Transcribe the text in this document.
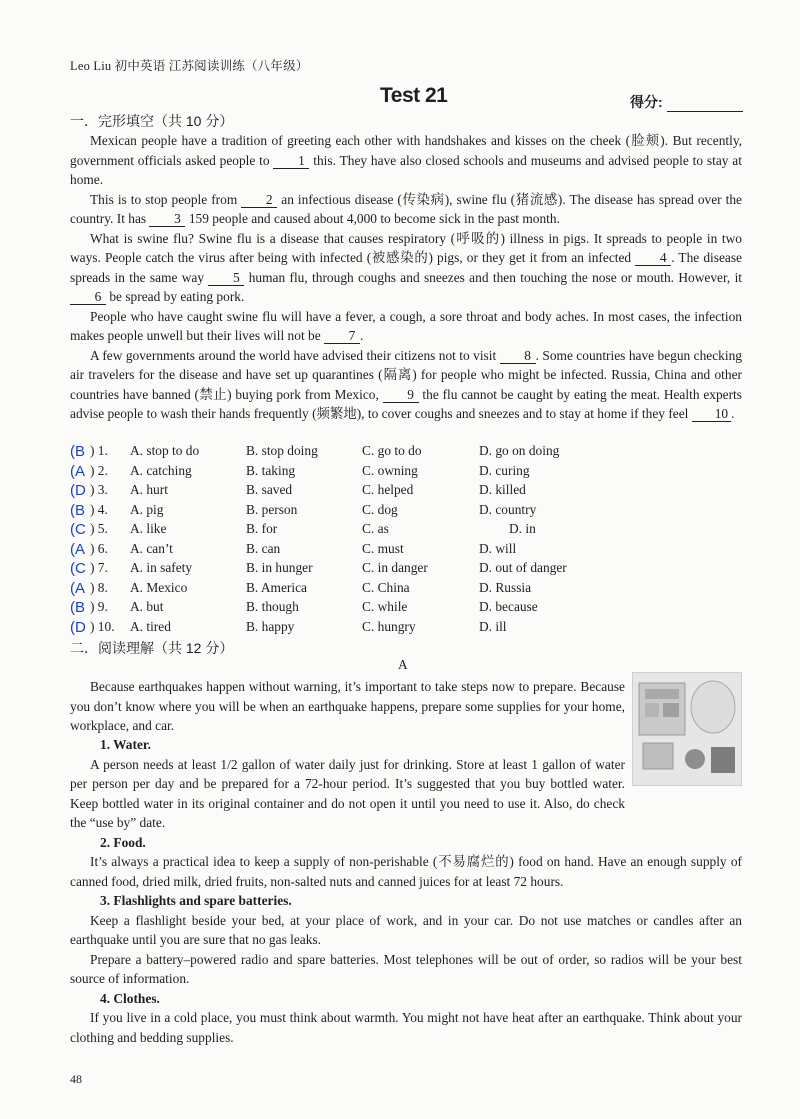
Leo Liu 初中英语 江苏阅读训练（八年级）
Test 21	得分:
一．完形填空（共 10 分）

Mexican people have a tradition of greeting each other with handshakes and kisses on the cheek (脸颊). But recently, government officials asked people to 1 this. They have also closed schools and museums and advised people to stay at home.

This is to stop people from 2 an infectious disease (传染病), swine flu (猪流感). The disease has spread over the country. It has 3 159 people and caused about 4,000 to become sick in the past month.

What is swine flu? Swine flu is a disease that causes respiratory (呼吸的) illness in pigs. It spreads to people in two ways. People catch the virus after being with infected (被感染的) pigs, or they get it from an infected 4 . The disease spreads in the same way 5 human flu, through coughs and sneezes and then touching the nose or mouth. However, it 6 be spread by eating pork.

People who have caught swine flu will have a fever, a cough, a sore throat and body aches. In most cases, the infection makes people unwell but their lives will not be 7 .

A few governments around the world have advised their citizens not to visit 8 . Some countries have begun checking air travelers for the disease and have set up quarantines (隔离) for people who might be infected. Russia, China and other countries have banned (禁止) buying pork from Mexico, 9 the flu cannot be caught by eating the meat. Health experts advise people to wash their hands frequently (频繁地), to cover coughs and sneezes and to stay at home if they feel 10 .

(B ) 1. A. stop to do	B. stop doing	C. go to do	D. go on doing
(A ) 2. A. catching	B. taking	C. owning	D. curing
(D ) 3. A. hurt	B. saved	C. helped	D. killed
(B ) 4. A. pig	B. person	C. dog	D. country
(C ) 5. A. like	B. for	C. as	D. in
(A ) 6. A. can’t	B. can	C. must	D. will
(C ) 7. A. in safety	B. in hunger	C. in danger	D. out of danger
(A ) 8. A. Mexico	B. America	C. China	D. Russia
(B ) 9. A. but	B. though	C. while	D. because
(D ) 10. A. tired	B. happy	C. hungry	D. ill
二．阅读理解（共 12 分）
A

Because earthquakes happen without warning, it’s important to take steps now to prepare. Because you don’t know where you will be when an earthquake happens, prepare some supplies for your home, workplace, and car.

1. Water.

A person needs at least 1/2 gallon of water daily just for drinking. Store at least 1 gallon of water per person per day and be prepared for a 72-hour period. It’s suggested that you buy bottled water. Keep bottled water in its original container and do not open it until you need to use it. Also, do check the “use by” date.

2. Food.

It’s always a practical idea to keep a supply of non-perishable (不易腐烂的) food on hand. Have an enough supply of canned food, dried milk, dried fruits, non-salted nuts and canned juices for at least 72 hours.

3. Flashlights and spare batteries.

Keep a flashlight beside your bed, at your place of work, and in your car. Do not use matches or candles after an earthquake until you are sure that no gas leaks.

Prepare a battery–powered radio and spare batteries. Most telephones will be out of order, so radios will be your best source of information.

4. Clothes.

If you live in a cold place, you must think about warmth. You might not have heat after an earthquake. Think about your clothing and bedding supplies.

48
